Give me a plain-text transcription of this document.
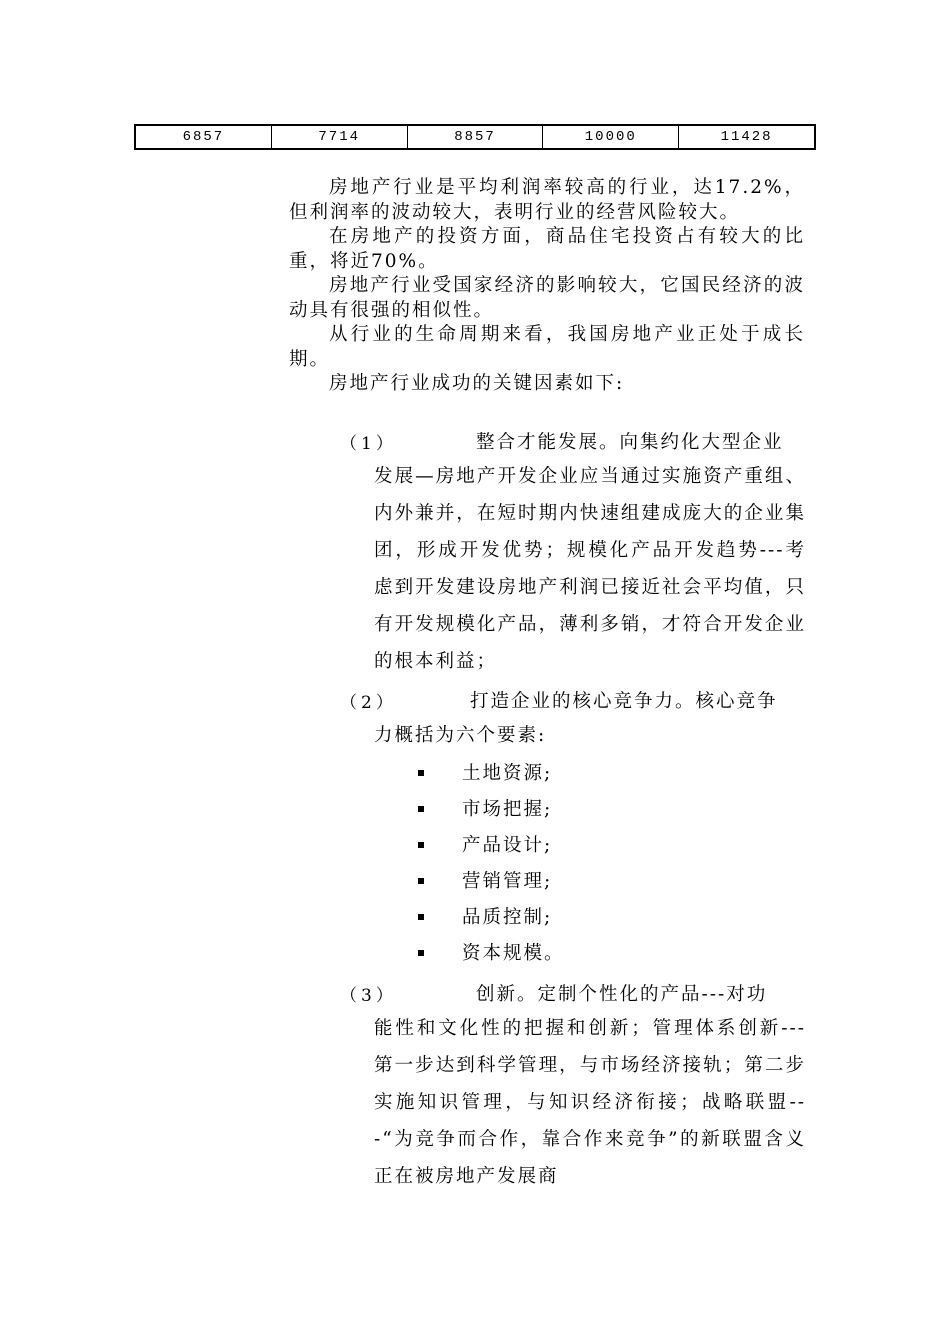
6857	7714	8857	10000	11428

房地产行业是平均利润率较高的行业，达17.2%，但利润率的波动较大，表明行业的经营风险较大。

在房地产的投资方面，商品住宅投资占有较大的比重，将近70%。

房地产行业受国家经济的影响较大，它国民经济的波动具有很强的相似性。

从行业的生命周期来看，我国房地产业正处于成长期。

房地产行业成功的关键因素如下:

（1）	整合才能发展。向集约化大型企业
发展—房地产开发企业应当通过实施资产重组、内外兼并，在短时期内快速组建成庞大的企业集团，形成开发优势；规模化产品开发趋势---考虑到开发建设房地产利润已接近社会平均值，只有开发规模化产品，薄利多销，才符合开发企业的根本利益；
（2）	打造企业的核心竞争力。核心竞争
力概括为六个要素:
土地资源;
市场把握;
产品设计;
营销管理;
品质控制;
资本规模。
（3）	创新。定制个性化的产品---对功
能性和文化性的把握和创新；管理体系创新---第一步达到科学管理，与市场经济接轨；第二步实施知识管理，与知识经济衔接；战略联盟---“为竞争而合作，靠合作来竞争”的新联盟含义正在被房地产发展商
